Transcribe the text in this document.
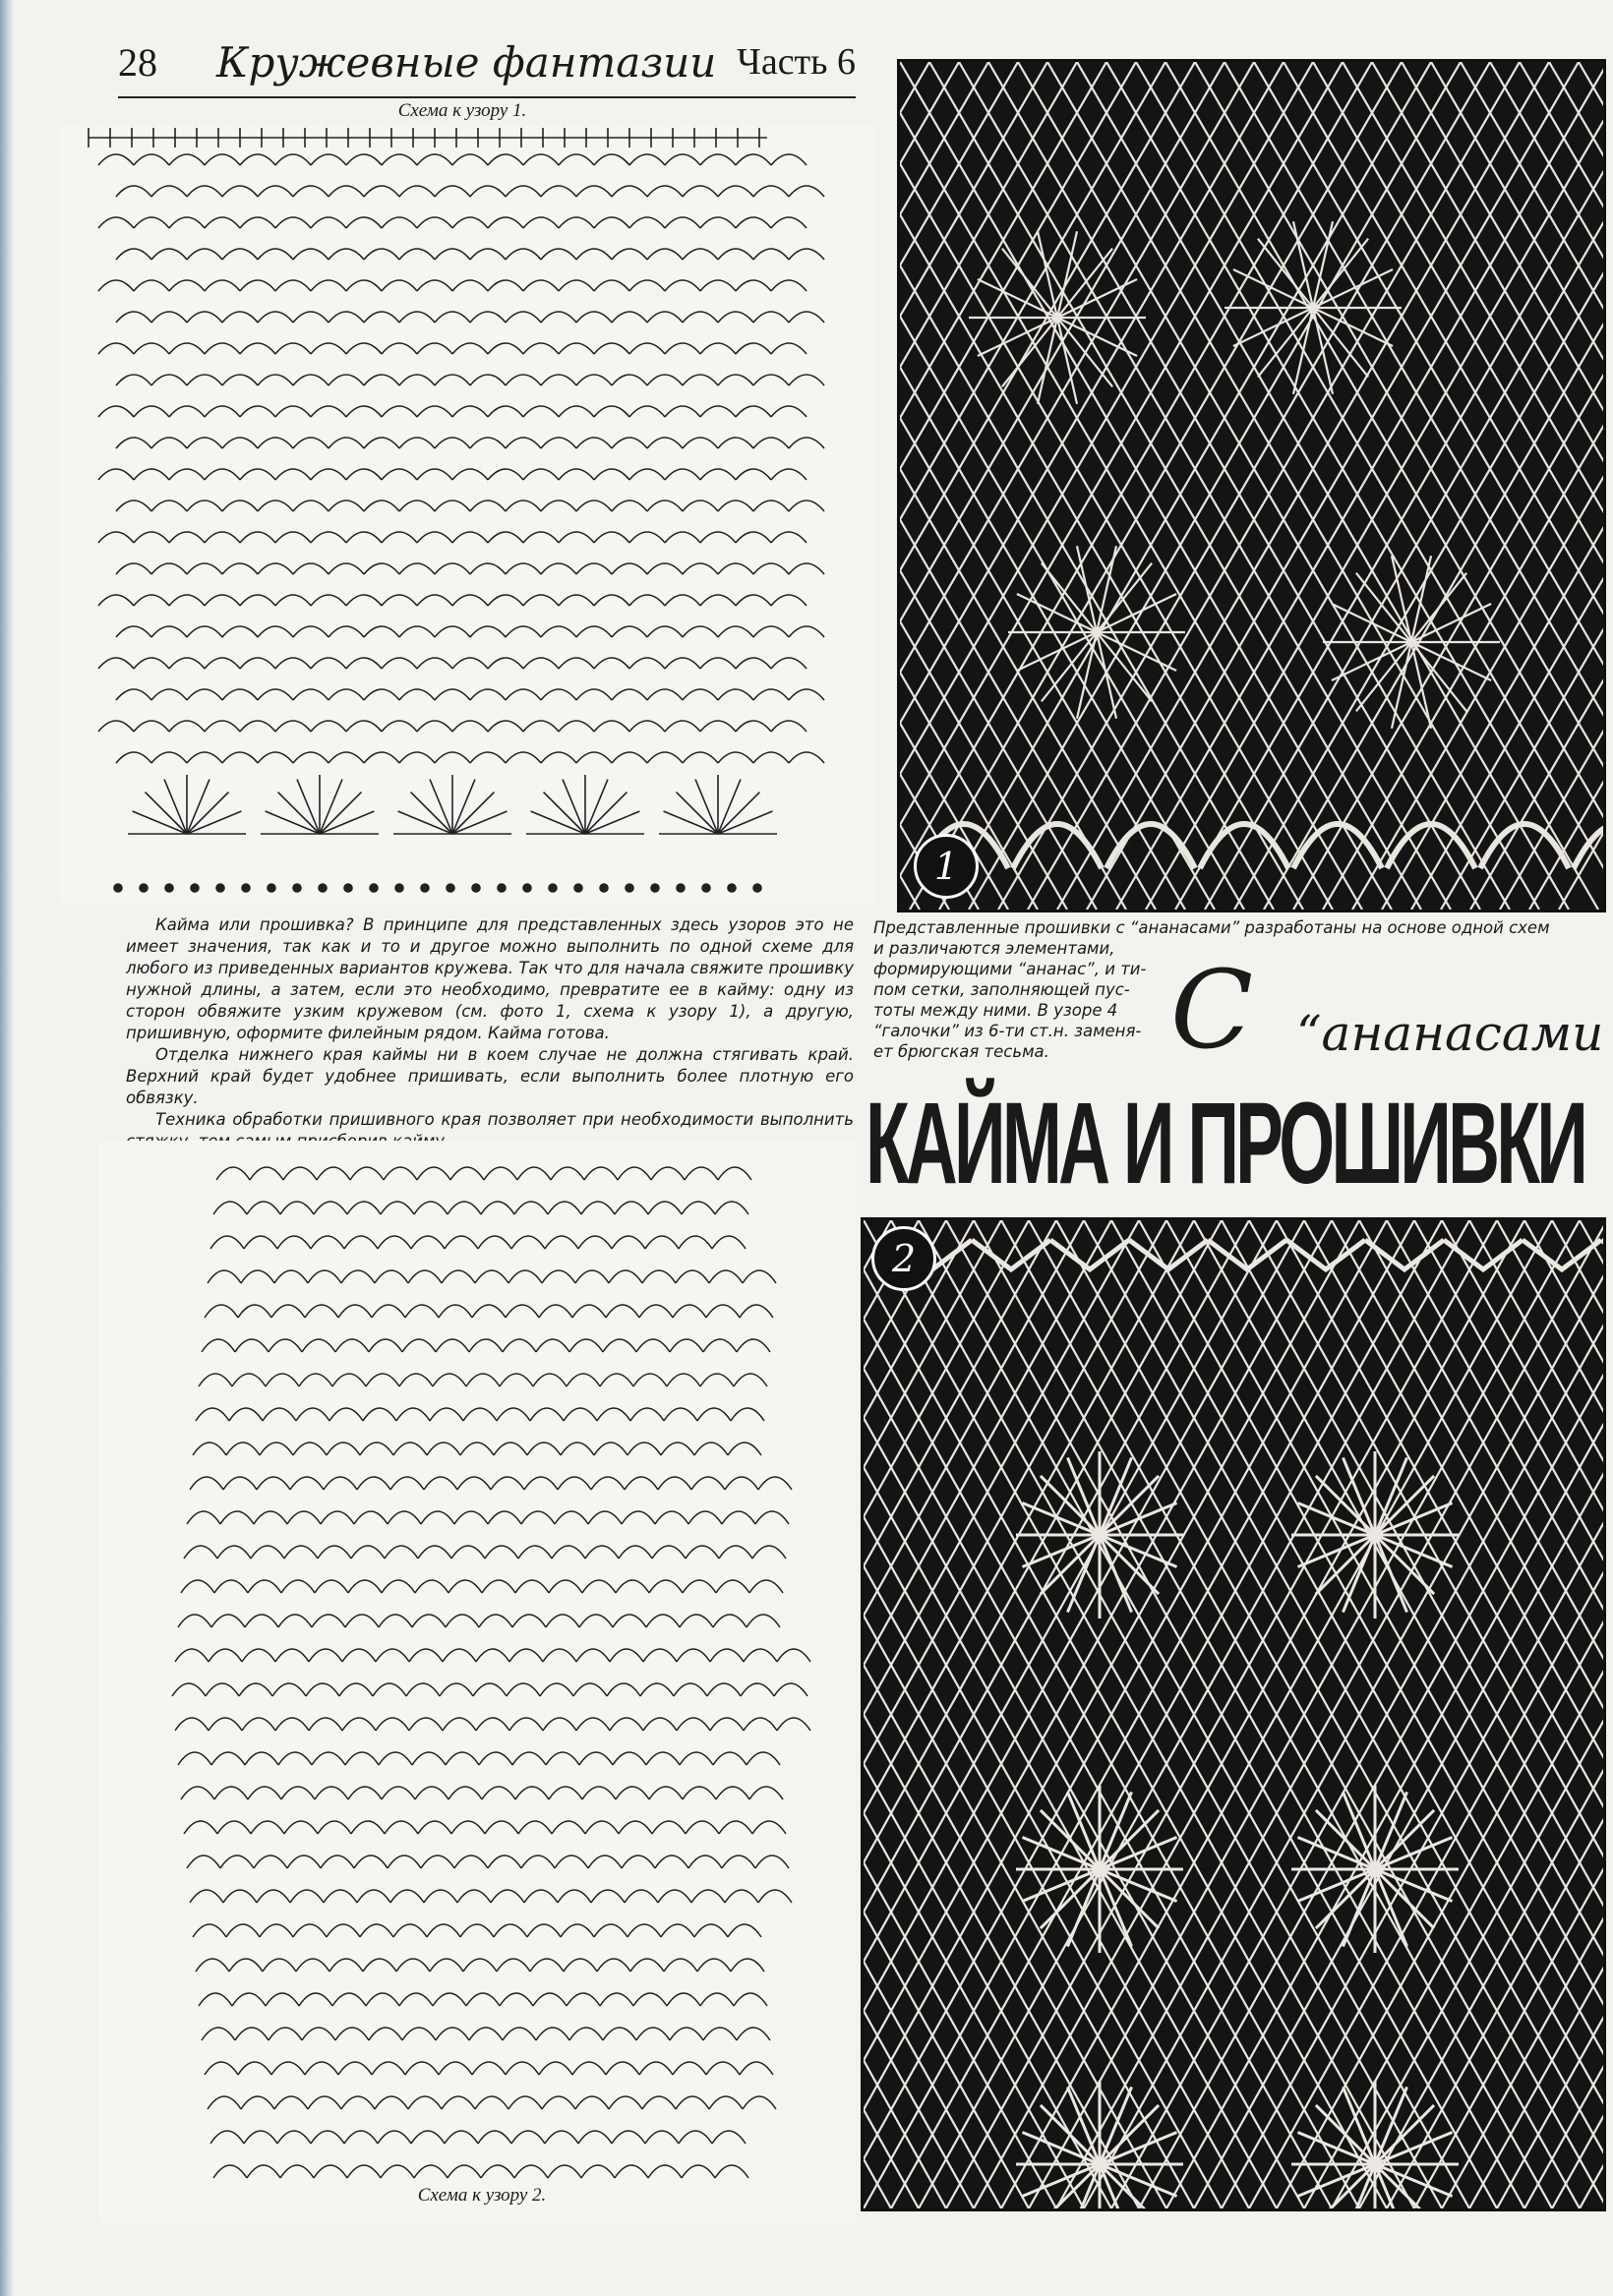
28 Кружевные фантазии Часть 6
Схема к узору 1.
1

Кайма или прошивка? В принципе для представленных здесь узоров это не имеет значения, так как и то и другое можно выполнить по одной схеме для любого из приведенных вариантов кружева. Так что для начала свяжите прошивку нужной длины, а затем, если это необходимо, превратите ее в кайму: одну из сторон обвяжите узким кружевом (см. фото 1, схема к узору 1), а другую, пришивную, оформите филейным рядом. Кайма готова.

Отделка нижнего края каймы ни в коем случае не должна стягивать край. Верхний край будет удобнее пришивать, если выполнить более плотную его обвязку.

Техника обработки пришивного края позволяет при необходимости выполнить

Представленные прошивки с “ананасами” разработаны на основе одной схем
и различаются элементами,
формирующими “ананас”, и ти-
пом сетки, заполняющей пус-
тоты между ними. В узоре 4
“галочки” из 6-ти ст.н. заменя-
ет брюгская тесьма.	С “ананасами
КАЙМА И ПРОШИВКИ
Схема к узору 2.
2
